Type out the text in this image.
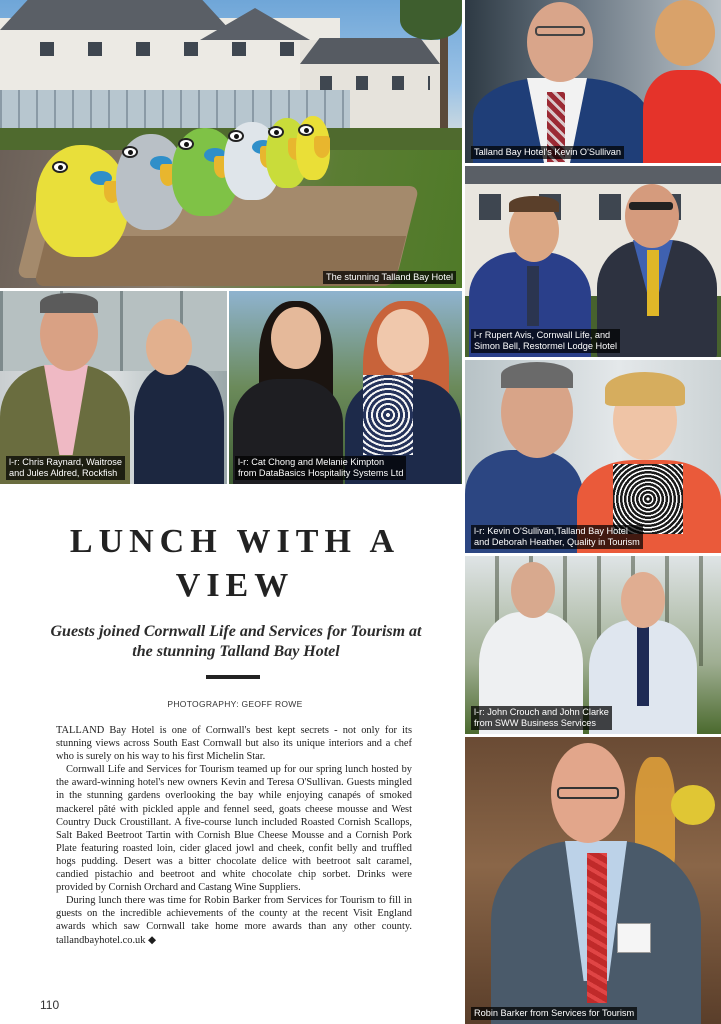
The stunning Talland Bay Hotel
Talland Bay Hotel's Kevin O'Sullivan
l-r Rupert Avis, Cornwall Life, and
Simon Bell, Restormel Lodge Hotel
l-r: Chris Raynard, Waitrose
and Jules Aldred, Rockfish
l-r: Cat Chong and Melanie Kimpton
from DataBasics Hospitality Systems Ltd
l-r: Kevin O'Sullivan,Talland Bay Hotel
and Deborah Heather, Quality in Tourism
l-r: John Crouch and John Clarke
from SWW Business Services
Robin Barker from Services for Tourism
LUNCH WITH A VIEW
Guests joined Cornwall Life and Services for Tourism at the stunning Talland Bay Hotel
PHOTOGRAPHY: GEOFF ROWE

TALLAND Bay Hotel is one of Cornwall's best kept secrets - not only for its stunning views across South East Cornwall but also its unique interiors and a chef who is surely on his way to his first Michelin Star.

Cornwall Life and Services for Tourism teamed up for our spring lunch hosted by the award-winning hotel's new owners Kevin and Teresa O'Sullivan. Guests mingled in the stunning gardens overlooking the bay while enjoying canapés of smoked mackerel pâté with pickled apple and fennel seed, goats cheese mousse and West Country Duck Croustillant. A five-course lunch included Roasted Cornish Scallops, Salt Baked Beetroot Tartin with Cornish Blue Cheese Mousse and a Cornish Pork Plate featuring roasted loin, cider glaced jowl and cheek, confit belly and truffled hogs pudding. Desert was a bitter chocolate delice with beetroot salt caramel, candied pistachio and beetroot and white chocolate chip sorbet. Drinks were provided by Cornish Orchard and Castang Wine Suppliers.

During lunch there was time for Robin Barker from Services for Tourism to fill in guests on the incredible achievements of the county at the recent Visit England awards which saw Cornwall take home more awards than any other county. tallandbayhotel.co.uk ◆

110
